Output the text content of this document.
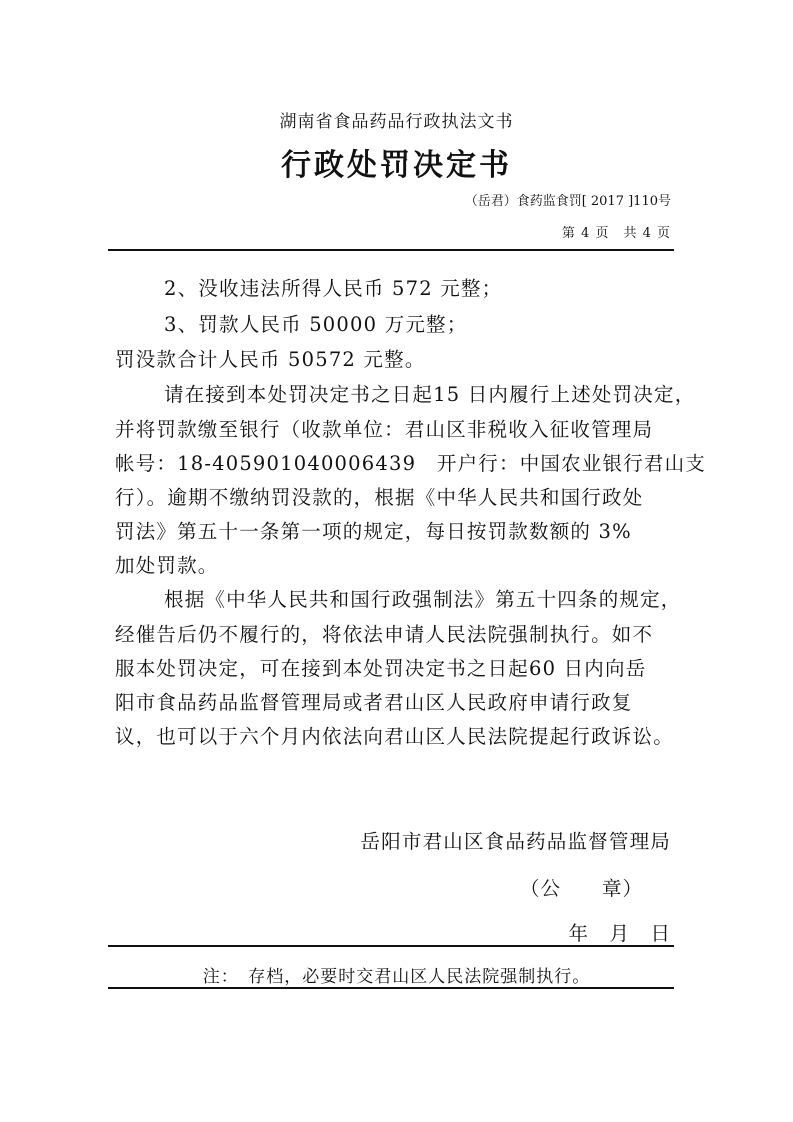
湖南省食品药品行政执法文书
行政处罚决定书
（岳君）食药监食罚[ 2017 ]110号
第 4 页　共 4 页
2、没收违法所得人民币 572 元整；
3、罚款人民币 50000 万元整；
罚没款合计人民币 50572 元整。
请在接到本处罚决定书之日起15 日内履行上述处罚决定，
并将罚款缴至银行（收款单位：君山区非税收入征收管理局
帐号：18-405901040006439　开户行：中国农业银行君山支
行）。逾期不缴纳罚没款的，根据《中华人民共和国行政处
罚法》第五十一条第一项的规定，每日按罚款数额的 3%
加处罚款。
根据《中华人民共和国行政强制法》第五十四条的规定，
经催告后仍不履行的，将依法申请人民法院强制执行。如不
服本处罚决定，可在接到本处罚决定书之日起60 日内向岳
阳市食品药品监督管理局或者君山区人民政府申请行政复
议，也可以于六个月内依法向君山区人民法院提起行政诉讼。
岳阳市君山区食品药品监督管理局
（公　　章）
年　月　日
注：　存档，必要时交君山区人民法院强制执行。
